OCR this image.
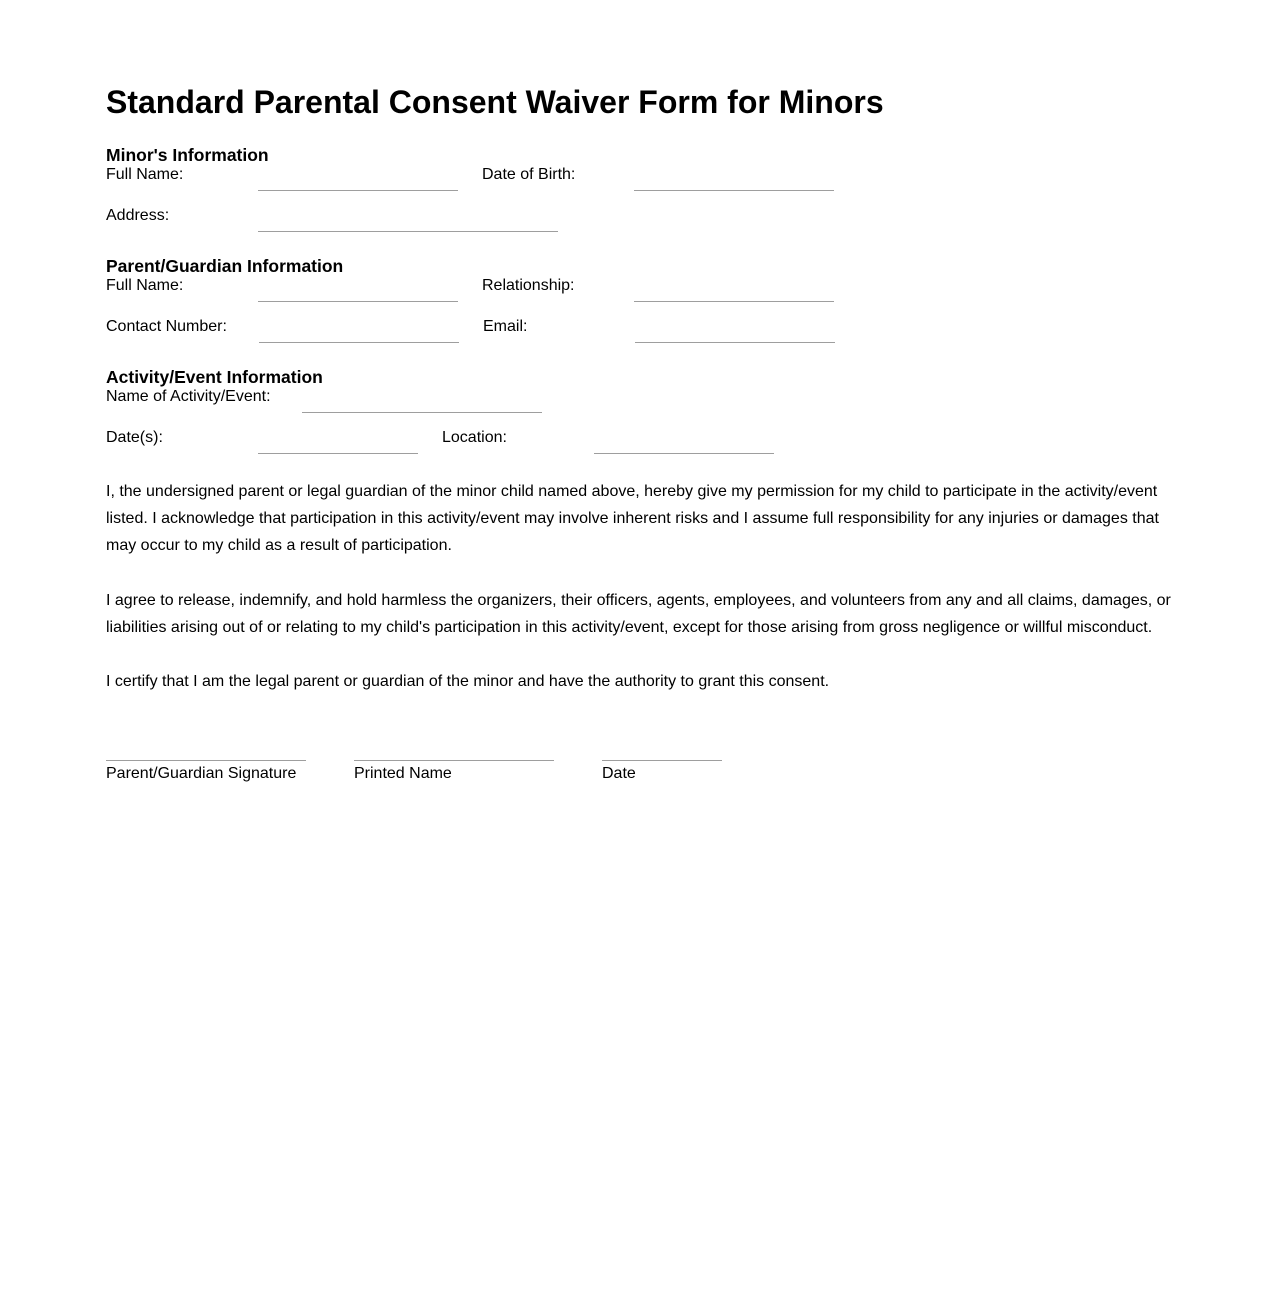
Standard Parental Consent Waiver Form for Minors
Minor's Information
Full Name:	Date of Birth:
Address:
Parent/Guardian Information
Full Name:	Relationship:
Contact Number:	Email:
Activity/Event Information
Name of Activity/Event:
Date(s):	Location:
I, the undersigned parent or legal guardian of the minor child named above, hereby give my permission for my child to participate in the activity/event listed. I acknowledge that participation in this activity/event may involve inherent risks and I assume full responsibility for any injuries or damages that may occur to my child as a result of participation.
I agree to release, indemnify, and hold harmless the organizers, their officers, agents, employees, and volunteers from any and all claims, damages, or liabilities arising out of or relating to my child's participation in this activity/event, except for those arising from gross negligence or willful misconduct.
I certify that I am the legal parent or guardian of the minor and have the authority to grant this consent.
Parent/Guardian Signature	Printed Name	Date
